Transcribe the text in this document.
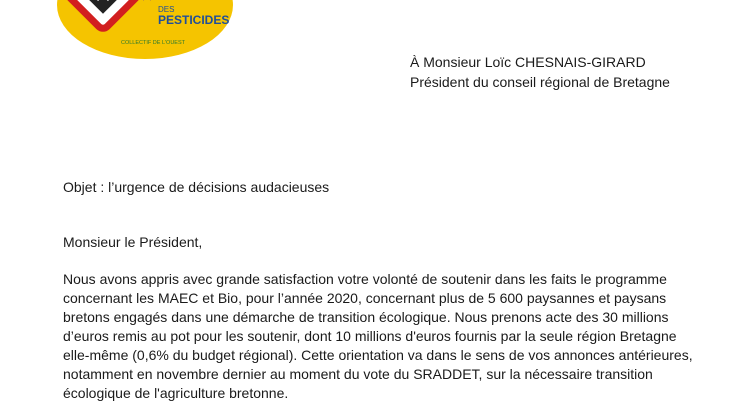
DES
PESTICIDES
COLLECTIF DE L'OUEST
À Monsieur Loïc CHESNAIS-GIRARD
Président du conseil régional de Bretagne
Objet : l’urgence de décisions audacieuses
Monsieur le Président,
Nous avons appris avec grande satisfaction votre volonté de soutenir dans les faits le programme
concernant les MAEC et Bio, pour l’année 2020, concernant plus de 5 600 paysannes et paysans
bretons engagés dans une démarche de transition écologique. Nous prenons acte des 30 millions
d’euros remis au pot pour les soutenir, dont 10 millions d'euros fournis par la seule région Bretagne
elle-même (0,6% du budget régional). Cette orientation va dans le sens de vos annonces antérieures,
notamment en novembre dernier au moment du vote du SRADDET, sur la nécessaire transition
écologique de l'agriculture bretonne.
